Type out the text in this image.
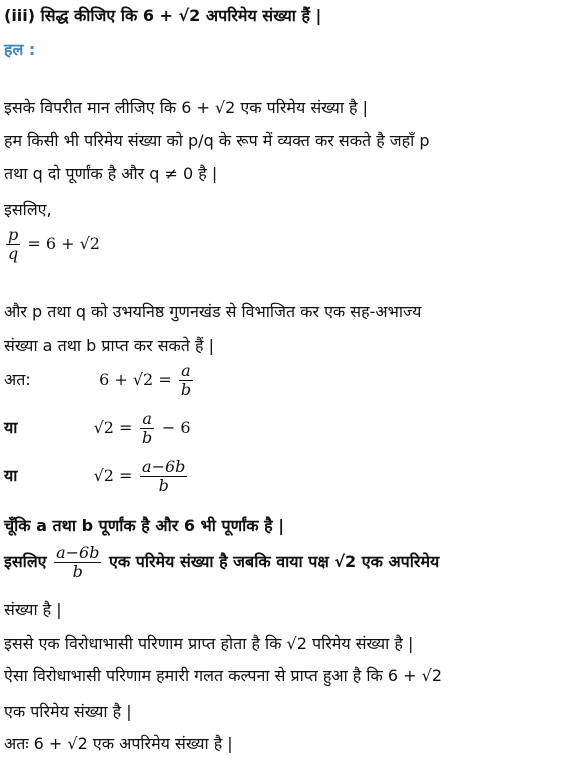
(iii) सिद्ध कीजिए कि 6 + √2 अपरिमेय संख्या हैं |
हल :
इसके विपरीत मान लीजिए कि 6 + √2 एक परिमेय संख्या है |
हम किसी भी परिमेय संख्या को p/q के रूप में व्यक्त कर सकते है जहाँ p
तथा q दो पूर्णांक है और q ≠ 0 है |
इसलिए,
$\frac{p}{q} = 6 + √2$
और p तथा q को उभयनिष्ठ गुणनखंड से विभाजित कर एक सह-अभाज्य
संख्या a तथा b प्राप्त कर सकते हैं |
अत:	$6 + √2 = \frac{a}{b}$
या	$√2 = \frac{a}{b} - 6$
या	$√2 = \frac{a-6b}{b}$
चूँकि a तथा b पूर्णांक है और 6 भी पूर्णांक है |
इसलिए $\frac{a-6b}{b}$ एक परिमेय संख्या है जबकि वाया पक्ष √2 एक अपरिमेय
संख्या है |
इससे एक विरोधाभासी परिणाम प्राप्त होता है कि √2 परिमेय संख्या है |
ऐसा विरोधाभासी परिणाम हमारी गलत कल्पना से प्राप्त हुआ है कि 6 + √2
एक परिमेय संख्या है |
अतः 6 + √2 एक अपरिमेय संख्या है |
